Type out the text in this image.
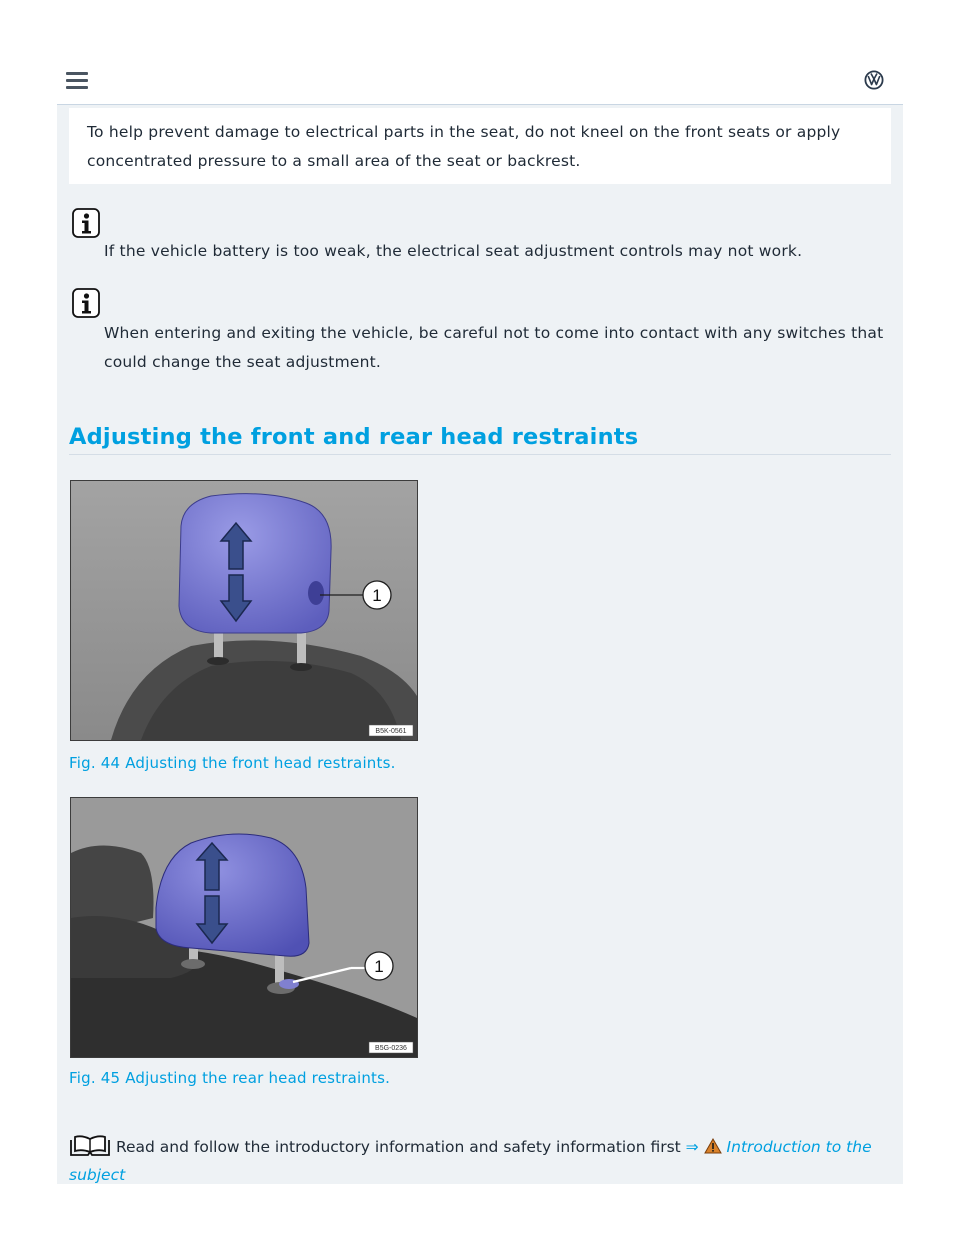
To help prevent damage to electrical parts in the seat, do not kneel on the front seats or apply concentrated pressure to a small area of the seat or backrest.

If the vehicle battery is too weak, the electrical seat adjustment controls may not work.

When entering and exiting the vehicle, be careful not to come into contact with any switches that could change the seat adjustment.

Adjusting the front and rear head restraints
1
B5K-0561

Fig. 44 Adjusting the front head restraints.

1
B5G-0236

Fig. 45 Adjusting the rear head restraints.

Read and follow the introductory information and safety information first ⇒ Introduction to the subject
